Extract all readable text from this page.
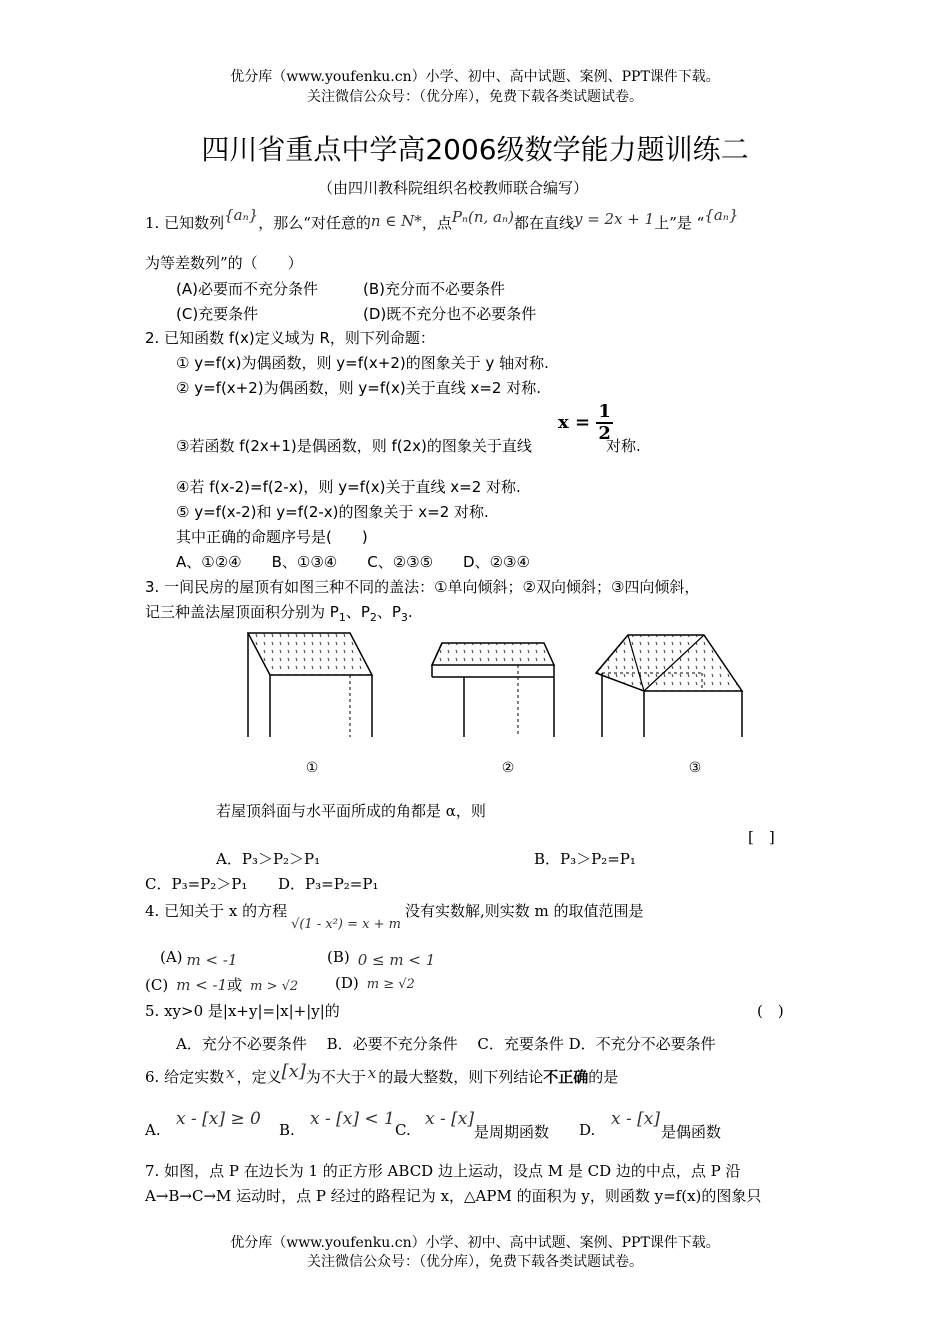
优分库（www.youfenku.cn）小学、初中、高中试题、案例、PPT课件下载。
关注微信公众号：（优分库），免费下载各类试题试卷。
四川省重点中学高2006级数学能力题训练二
（由四川教科院组织名校教师联合编写）
1. 已知数列{aₙ}，那么“对任意的n ∈ N*，点Pₙ(n, aₙ)都在直线y = 2x + 1上”是 “{aₙ}
为等差数列”的（　　）
(A)必要而不充分条件	(B)充分而不必要条件
(C)充要条件	(D)既不充分也不必要条件
2. 已知函数 f(x)定义域为 R，则下列命题：
① y=f(x)为偶函数，则 y=f(x+2)的图象关于 y 轴对称.
② y=f(x+2)为偶函数，则 y=f(x)关于直线 x=2 对称.
③若函数 f(2x+1)是偶函数，则 f(2x)的图象关于直线
$x = \frac{1}{2}$
对称.
④若 f(x-2)=f(2-x)，则 y=f(x)关于直线 x=2 对称.
⑤ y=f(x-2)和 y=f(2-x)的图象关于 x=2 对称.
其中正确的命题序号是(　　)
A、①②④　　B、①③④　　C、②③⑤　　D、②③④
3. 一间民房的屋顶有如图三种不同的盖法：①单向倾斜；②双向倾斜；③四向倾斜，
记三种盖法屋顶面积分别为 $P_1$、$P_2$、$P_3$.
①	②	③
若屋顶斜面与水平面所成的角都是 α，则
[　]
A．P₃＞P₂＞P₁	B．P₃＞P₂=P₁
C．P₃=P₂＞P₁ D．P₃=P₂=P₁
4. 已知关于 x 的方程√(1 - x²) = x + m没有实数解,则实数 m 的取值范围是
(A) m < -1	(B) 0 ≤ m < 1
(C) m < -1或 m > √2 (D) m ≥ √2
5. xy>0 是|x+y|=|x|+|y|的	(　)
A．充分不必要条件　 B．必要不充分条件　 C．充要条件 D．不充分不必要条件
6. 给定实数 x ，定义[x]为不大于 x 的最大整数，则下列结论不正确的是
A.
x - [x] ≥ 0
B.
x - [x] < 1
C.
x - [x]
是周期函数 D.
x - [x]
是偶函数
7. 如图，点 P 在边长为 1 的正方形 ABCD 边上运动，设点 M 是 CD 边的中点，点 P 沿
A→B→C→M 运动时，点 P 经过的路程记为 x，△APM 的面积为 y，则函数 y=f(x)的图象只
优分库（www.youfenku.cn）小学、初中、高中试题、案例、PPT课件下载。
关注微信公众号：（优分库），免费下载各类试题试卷。
